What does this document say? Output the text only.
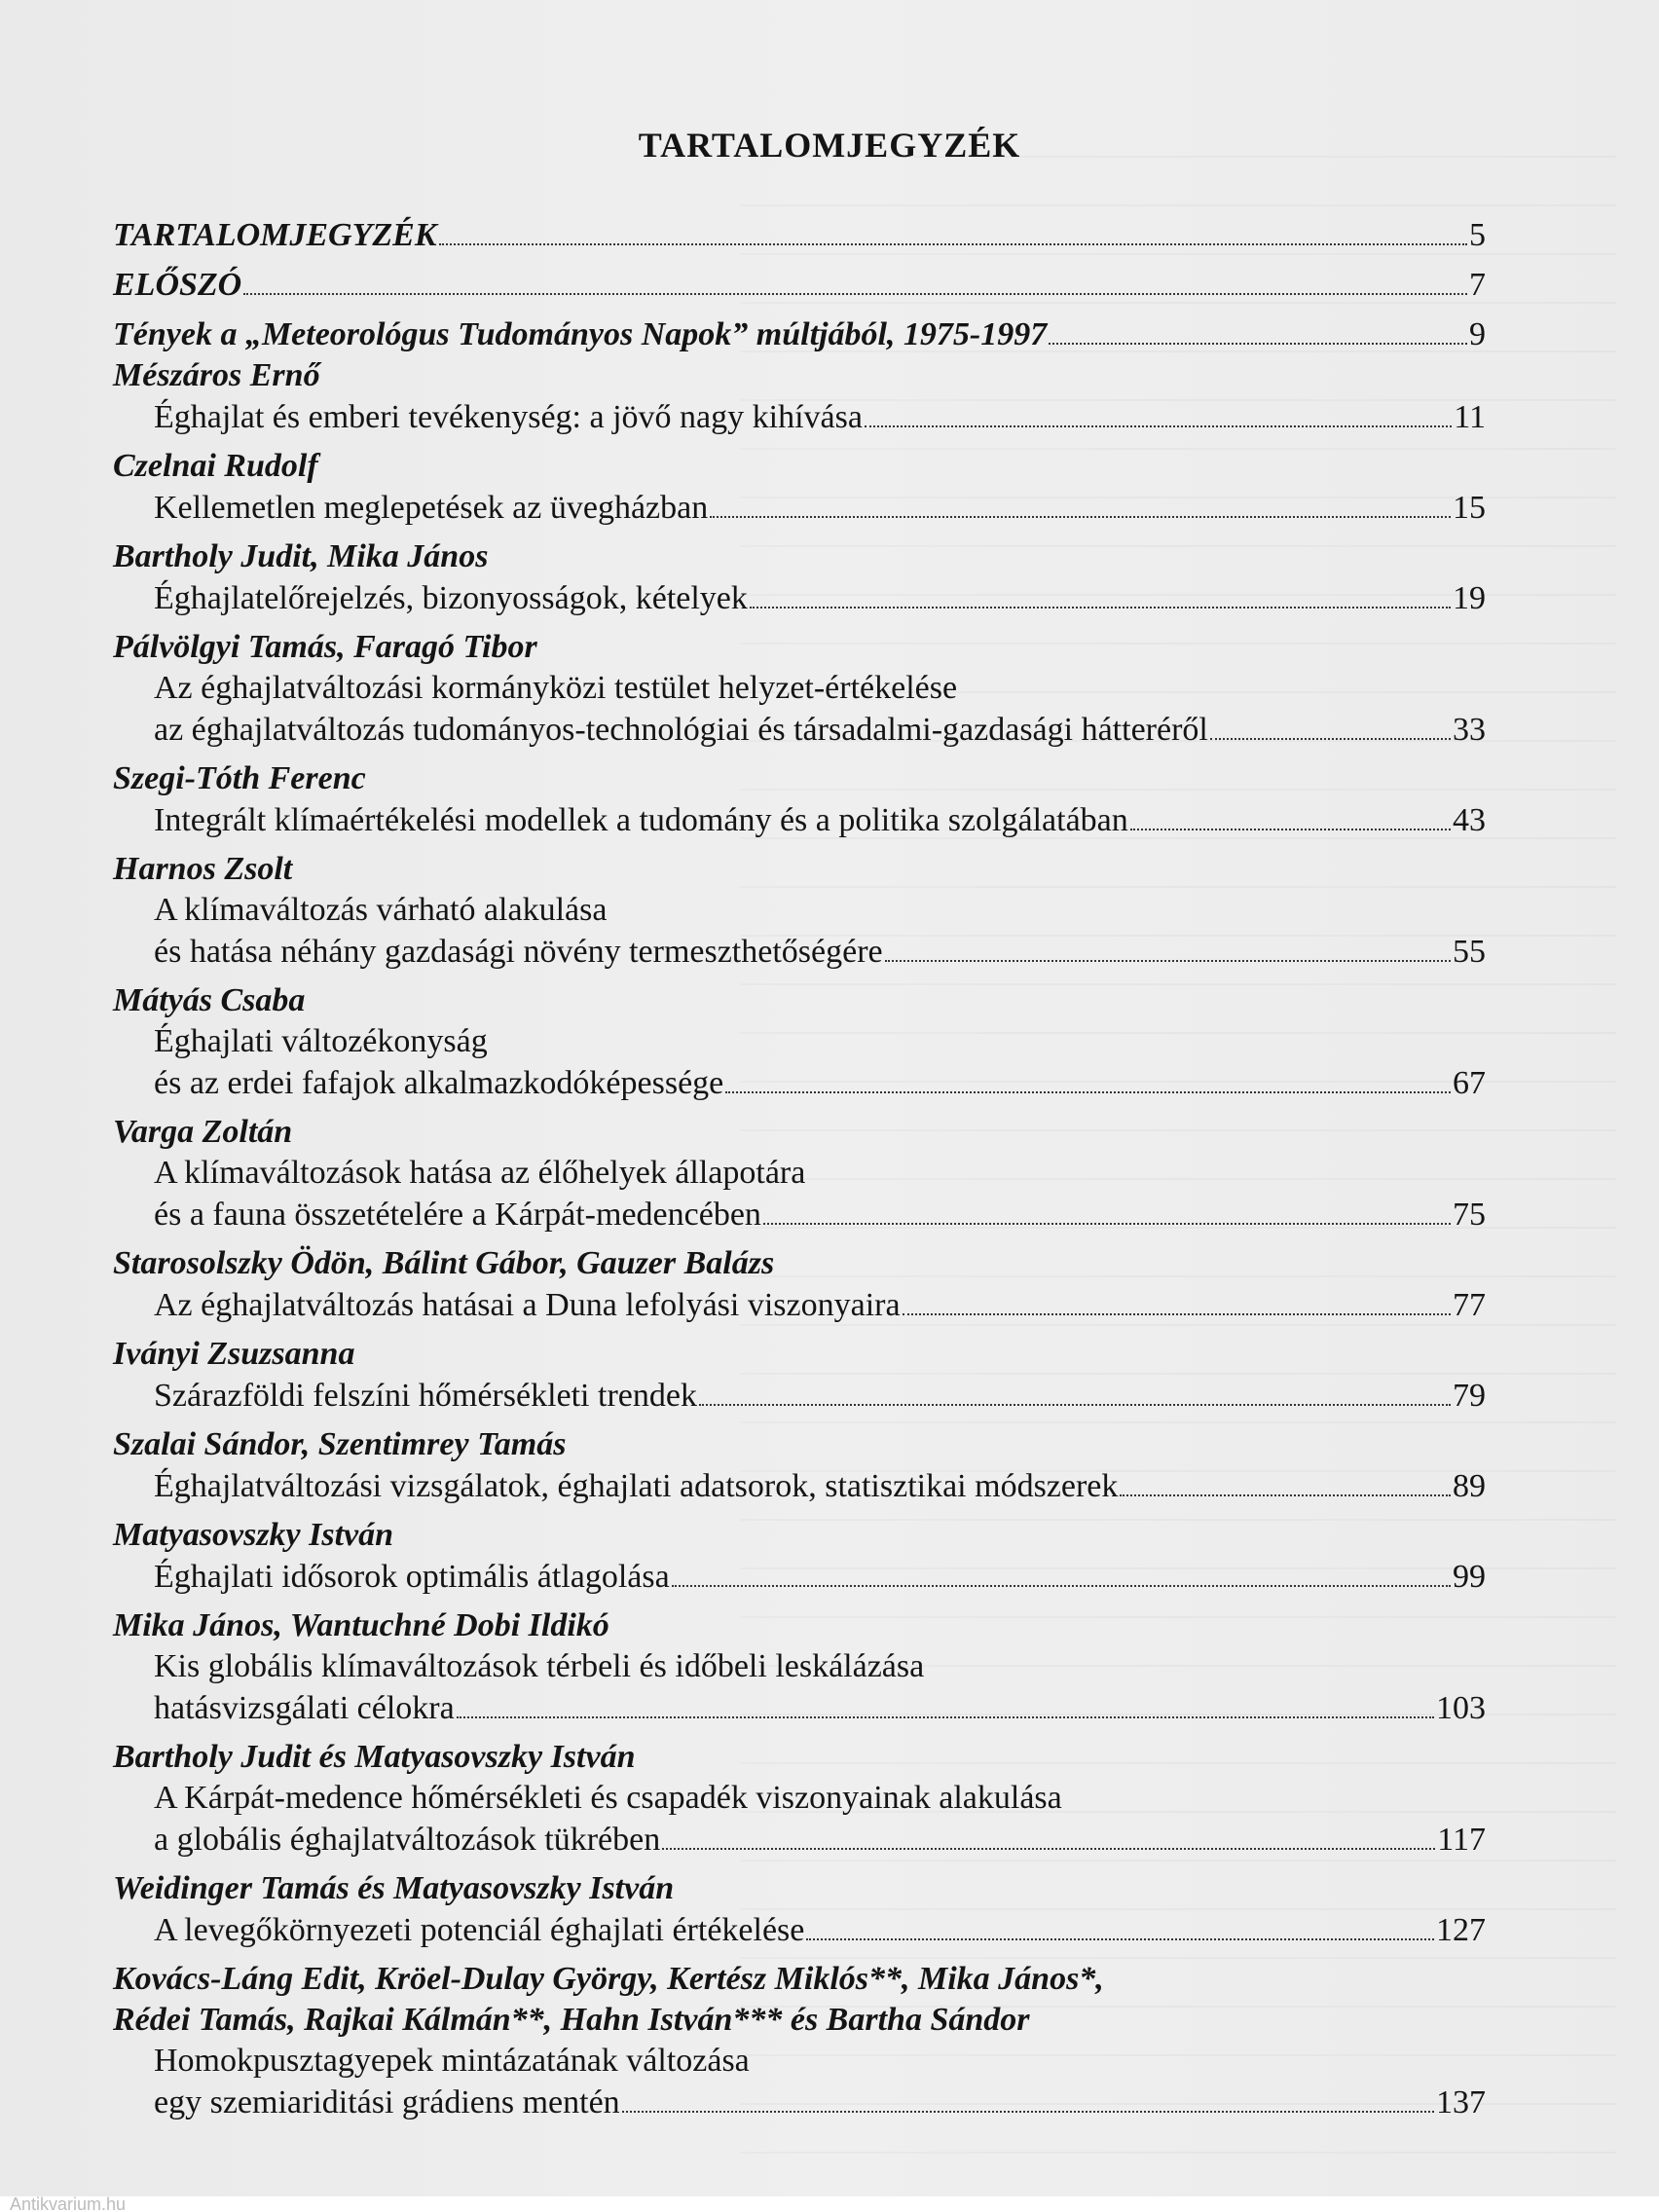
TARTALOMJEGYZÉK
TARTALOMJEGYZÉK	5
ELŐSZÓ	7
Tények a „Meteorológus Tudományos Napok” múltjából, 1975-1997	9
Mészáros Ernő
Éghajlat és emberi tevékenység: a jövő nagy kihívása	11
Czelnai Rudolf
Kellemetlen meglepetések az üvegházban	15
Bartholy Judit, Mika János
Éghajlatelőrejelzés, bizonyosságok, kételyek	19
Pálvölgyi Tamás, Faragó Tibor
Az éghajlatváltozási kormányközi testület helyzet-értékelése
az éghajlatváltozás tudományos-technológiai és társadalmi-gazdasági hátteréről	33
Szegi-Tóth Ferenc
Integrált klímaértékelési modellek a tudomány és a politika szolgálatában	43
Harnos Zsolt
A klímaváltozás várható alakulása
és hatása néhány gazdasági növény termeszthetőségére	55
Mátyás Csaba
Éghajlati változékonyság
és az erdei fafajok alkalmazkodóképessége	67
Varga Zoltán
A klímaváltozások hatása az élőhelyek állapotára
és a fauna összetételére a Kárpát-medencében	75
Starosolszky Ödön, Bálint Gábor, Gauzer Balázs
Az éghajlatváltozás hatásai a Duna lefolyási viszonyaira	77
Iványi Zsuzsanna
Szárazföldi felszíni hőmérsékleti trendek	79
Szalai Sándor, Szentimrey Tamás
Éghajlatváltozási vizsgálatok, éghajlati adatsorok, statisztikai módszerek	89
Matyasovszky István
Éghajlati idősorok optimális átlagolása	99
Mika János, Wantuchné Dobi Ildikó
Kis globális klímaváltozások térbeli és időbeli leskálázása
hatásvizsgálati célokra	103
Bartholy Judit és Matyasovszky István
A Kárpát-medence hőmérsékleti és csapadék viszonyainak alakulása
a globális éghajlatváltozások tükrében	117
Weidinger Tamás és Matyasovszky István
A levegőkörnyezeti potenciál éghajlati értékelése	127
Kovács-Láng Edit, Kröel-Dulay György, Kertész Miklós**, Mika János*,
Rédei Tamás, Rajkai Kálmán**, Hahn István*** és Bartha Sándor
Homokpusztagyepek mintázatának változása
egy szemiariditási grádiens mentén	137
Antikvarium.hu
